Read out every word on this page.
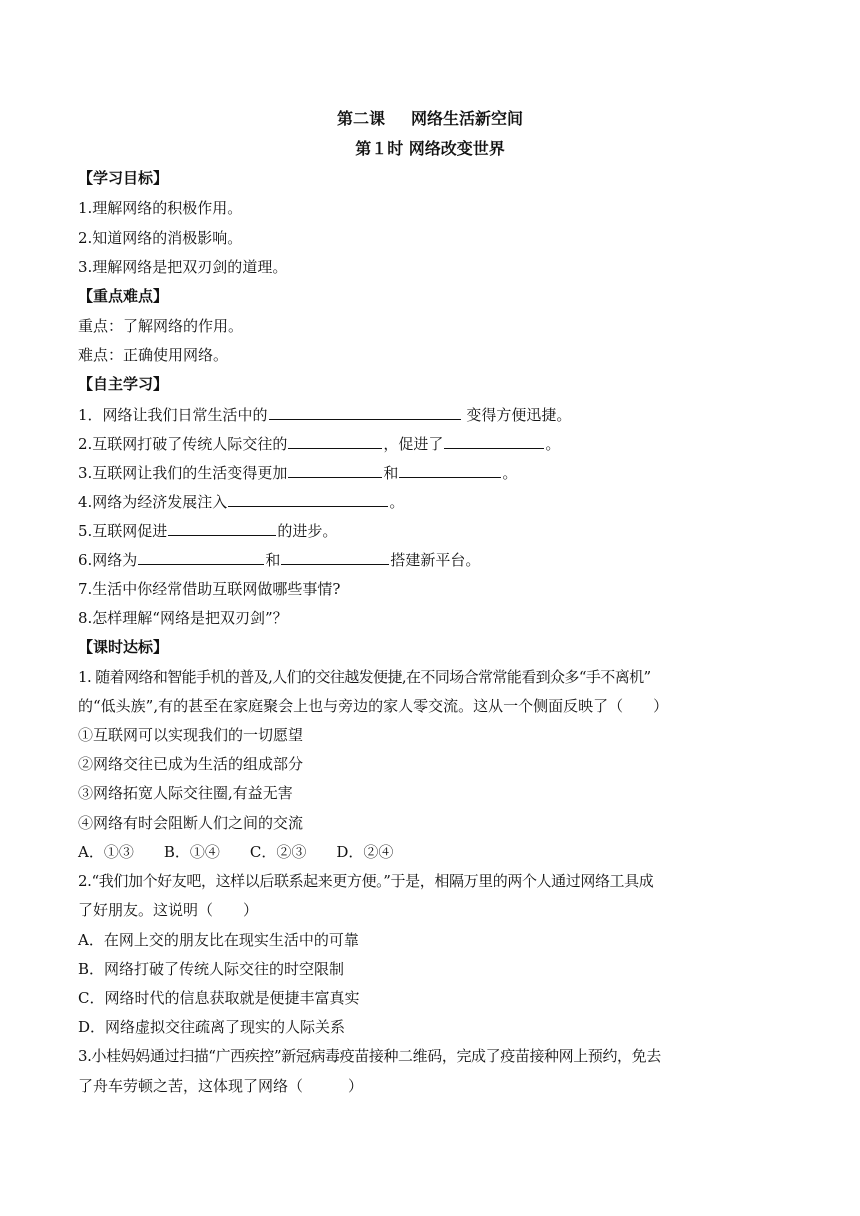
第二课 网络生活新空间
第１时 网络改变世界
【学习目标】
1.理解网络的积极作用。
2.知道网络的消极影响。
3.理解网络是把双刃剑的道理。
【重点难点】
重点：了解网络的作用。
难点：正确使用网络。
【自主学习】
1．网络让我们日常生活中的	变得方便迅捷。
2.互联网打破了传统人际交往的	，促进了	。
3.互联网让我们的生活变得更加	和	。
4.网络为经济发展注入	。
5.互联网促进	的进步。
6.网络为	和	搭建新平台。
7.生活中你经常借助互联网做哪些事情?
8.怎样理解“网络是把双刃剑”？
【课时达标】
1. 随着网络和智能手机的普及,人们的交往越发便捷,在不同场合常常能看到众多“手不离机”
的“低头族”,有的甚至在家庭聚会上也与旁边的家人零交流。这从一个侧面反映了（　　）
①互联网可以实现我们的一切愿望
②网络交往已成为生活的组成部分
③网络拓宽人际交往圈,有益无害
④网络有时会阻断人们之间的交流
A．①③　　B．①④　　C．②③　　D．②④
2.“我们加个好友吧，这样以后联系起来更方便。”于是，相隔万里的两个人通过网络工具成
了好朋友。这说明（　　）
A．在网上交的朋友比在现实生活中的可靠
B．网络打破了传统人际交往的时空限制
C．网络时代的信息获取就是便捷丰富真实
D．网络虚拟交往疏离了现实的人际关系
3.小桂妈妈通过扫描“广西疾控”新冠病毒疫苗接种二维码，完成了疫苗接种网上预约，免去
了舟车劳顿之苦，这体现了网络（　　　）
